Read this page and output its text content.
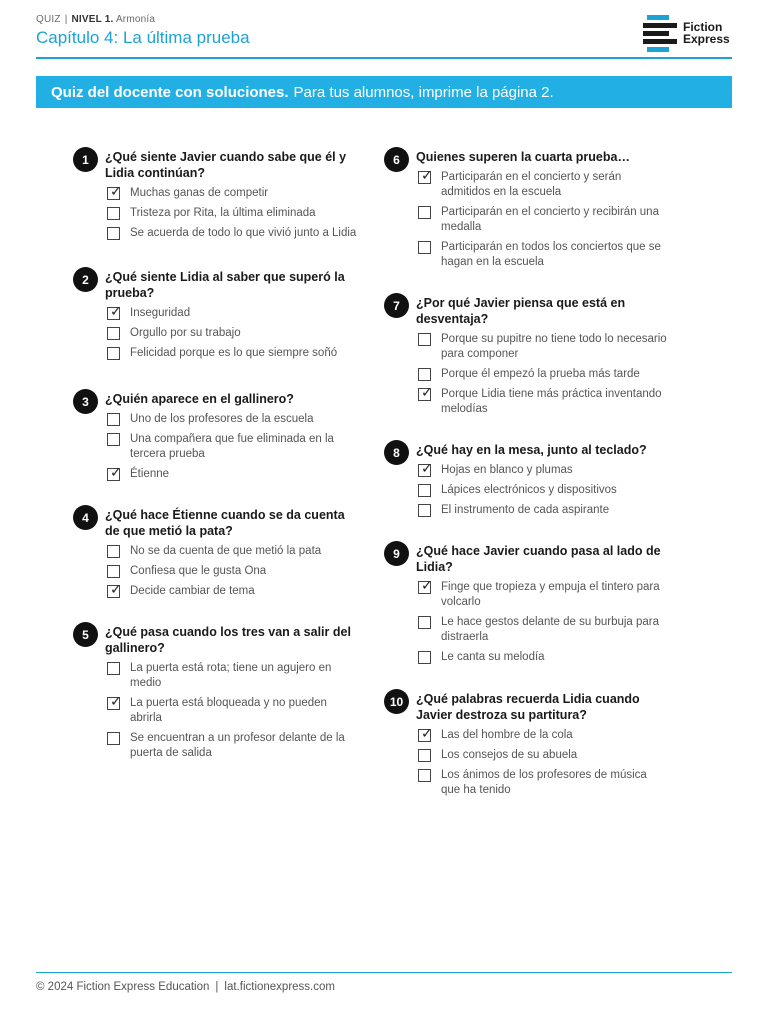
QUIZ | NIVEL 1. Armonía
Capítulo 4: La última prueba
Fiction
Express
Quiz del docente con soluciones. Para tus alumnos, imprime la página 2.
1	¿Qué siente Javier cuando sabe que él y Lidia continúan?
✓ Muchas ganas de competir
Tristeza por Rita, la última eliminada
Se acuerda de todo lo que vivió junto a Lidia
2	¿Qué siente Lidia al saber que superó la prueba?
✓ Inseguridad
Orgullo por su trabajo
Felicidad porque es lo que siempre soñó
3	¿Quién aparece en el gallinero?
Uno de los profesores de la escuela
Una compañera que fue eliminada en la tercera prueba
✓ Étienne
4	¿Qué hace Étienne cuando se da cuenta de que metió la pata?
No se da cuenta de que metió la pata
Confiesa que le gusta Ona
✓ Decide cambiar de tema
5	¿Qué pasa cuando los tres van a salir del gallinero?
La puerta está rota; tiene un agujero en medio
✓ La puerta está bloqueada y no pueden abrirla
Se encuentran a un profesor delante de la puerta de salida
6	Quienes superen la cuarta prueba…
✓ Participarán en el concierto y serán admitidos en la escuela
Participarán en el concierto y recibirán una medalla
Participarán en todos los conciertos que se hagan en la escuela
7	¿Por qué Javier piensa que está en desventaja?
Porque su pupitre no tiene todo lo necesario para componer
Porque él empezó la prueba más tarde
✓ Porque Lidia tiene más práctica inventando melodías
8	¿Qué hay en la mesa, junto al teclado?
✓ Hojas en blanco y plumas
Lápices electrónicos y dispositivos
El instrumento de cada aspirante
9	¿Qué hace Javier cuando pasa al lado de Lidia?
✓ Finge que tropieza y empuja el tintero para volcarlo
Le hace gestos delante de su burbuja para distraerla
Le canta su melodía
10	¿Qué palabras recuerda Lidia cuando Javier destroza su partitura?
✓ Las del hombre de la cola
Los consejos de su abuela
Los ánimos de los profesores de música que ha tenido
© 2024 Fiction Express Education | lat.fictionexpress.com
